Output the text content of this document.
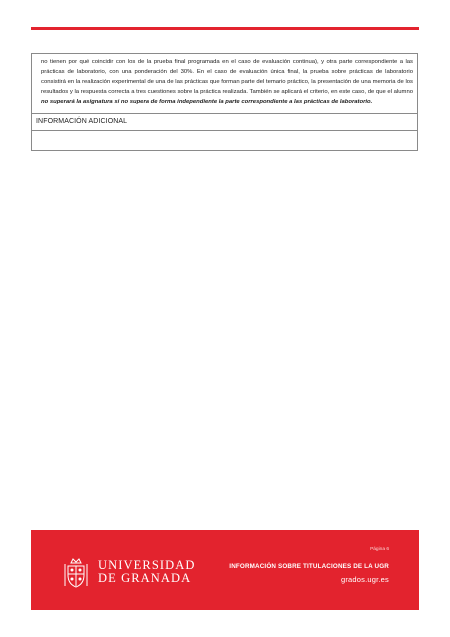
no tienen por qué coincidir con los de la prueba final programada en el caso de evaluación continua), y otra parte correspondiente a las prácticas de laboratorio, con una ponderación del 30%. En el caso de evaluación única final, la prueba sobre prácticas de laboratorio consistirá en la realización experimental de una de las prácticas que forman parte del temario práctico, la presentación de una memoria de los resultados y la respuesta correcta a tres cuestiones sobre la práctica realizada. También se aplicará el criterio, en este caso, de que el alumno no superará la asignatura si no supera de forma independiente la parte correspondiente a las prácticas de laboratorio.
INFORMACIÓN ADICIONAL
UNIVERSIDAD
DE GRANADA
Página 6
INFORMACIÓN SOBRE TITULACIONES DE LA UGR
grados.ugr.es
